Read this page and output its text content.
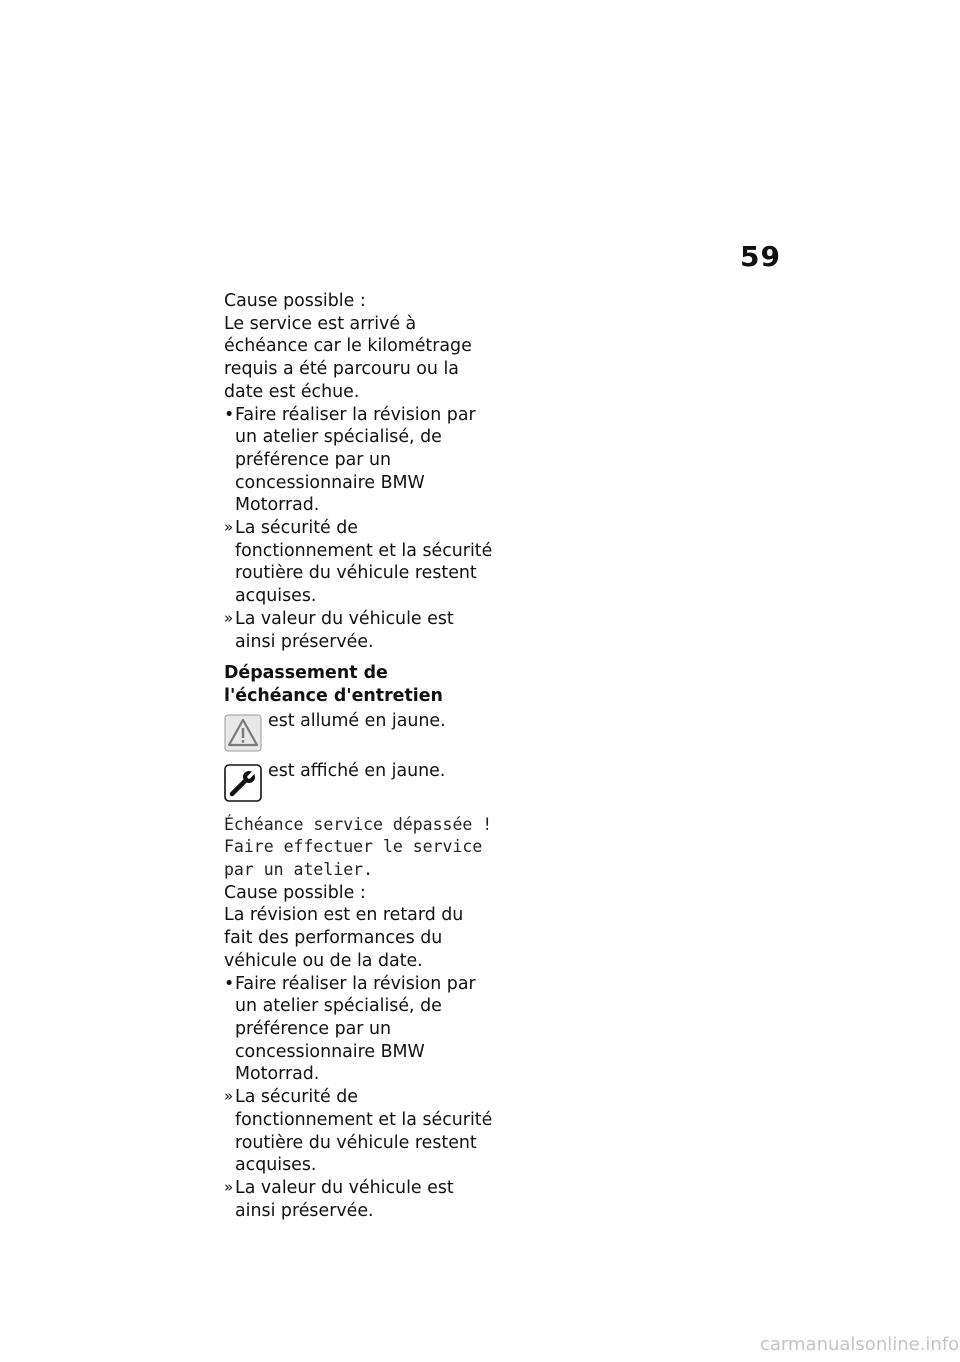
59

Cause possible :

Le service est arrivé à échéance car le kilométrage requis a été parcouru ou la date est échue.

• Faire réaliser la révision par un atelier spécialisé, de préférence par un concessionnaire BMW Motorrad.

» La sécurité de fonctionnement et la sécurité routière du véhicule restent acquises.

» La valeur du véhicule est ainsi préservée.

Dépassement de l'échéance d'entretien

est allumé en jaune.
est affiché en jaune.

Échéance service dépassée ! Faire effectuer le service par un atelier.

Cause possible :

La révision est en retard du fait des performances du véhicule ou de la date.

• Faire réaliser la révision par un atelier spécialisé, de préférence par un concessionnaire BMW Motorrad.

» La sécurité de fonctionnement et la sécurité routière du véhicule restent acquises.

» La valeur du véhicule est ainsi préservée.

carmanualsonline.info
